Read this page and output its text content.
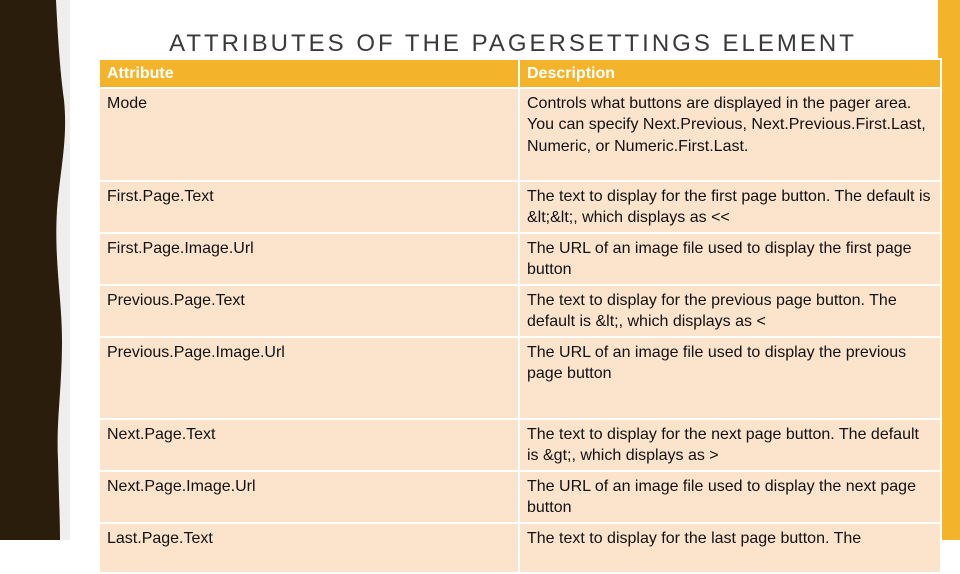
ATTRIBUTES OF THE PAGERSETTINGS ELEMENT
Attribute	Description
Mode	Controls what buttons are displayed in the pager area. You can specify Next.Previous, Next.Previous.First.Last, Numeric, or Numeric.First.Last.
First.Page.Text	The text to display for the first page button. The default is &lt;&lt;, which displays as <<
First.Page.Image.Url	The URL of an image file used to display the first page button
Previous.Page.Text	The text to display for the previous page button. The default is &lt;, which displays as <
Previous.Page.Image.Url	The URL of an image file used to display the previous page button
Next.Page.Text	The text to display for the next page button. The default is &gt;, which displays as >
Next.Page.Image.Url	The URL of an image file used to display the next page button
Last.Page.Text	The text to display for the last page button. The
